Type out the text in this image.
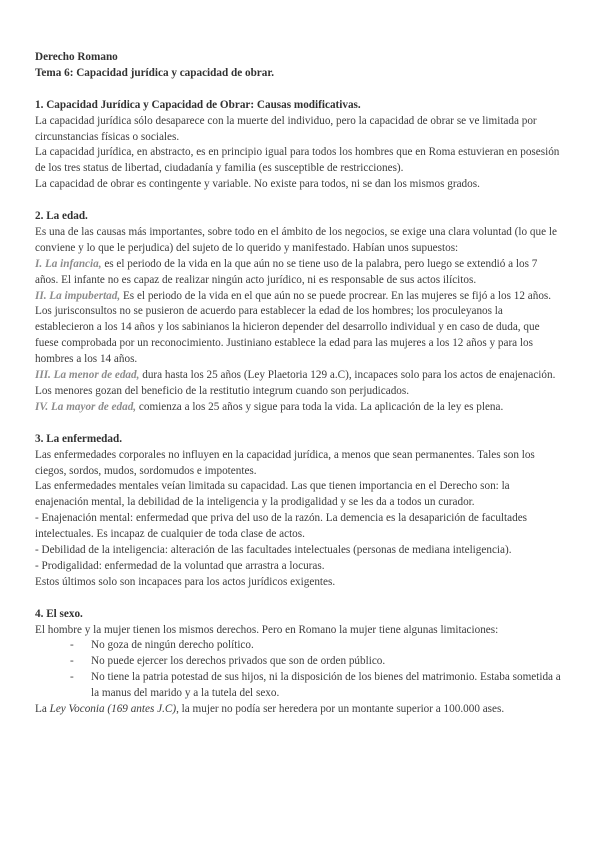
Derecho Romano

Tema 6: Capacidad jurídica y capacidad de obrar.

1. Capacidad Jurídica y Capacidad de Obrar: Causas modificativas.

La capacidad jurídica sólo desaparece con la muerte del individuo, pero la capacidad de obrar se ve limitada por circunstancias físicas o sociales.

La capacidad jurídica, en abstracto, es en principio igual para todos los hombres que en Roma estuvieran en posesión de los tres status de libertad, ciudadanía y familia (es susceptible de restricciones).

La capacidad de obrar es contingente y variable. No existe para todos, ni se dan los mismos grados.

2. La edad.

Es una de las causas más importantes, sobre todo en el ámbito de los negocios, se exige una clara voluntad (lo que le conviene y lo que le perjudica) del sujeto de lo querido y manifestado. Habían unos supuestos:

I. La infancia, es el periodo de la vida en la que aún no se tiene uso de la palabra, pero luego se extendió a los 7 años. El infante no es capaz de realizar ningún acto jurídico, ni es responsable de sus actos ilícitos.

II. La impubertad, Es el periodo de la vida en el que aún no se puede procrear. En las mujeres se fijó a los 12 años. Los jurisconsultos no se pusieron de acuerdo para establecer la edad de los hombres; los proculeyanos la establecieron a los 14 años y los sabinianos la hicieron depender del desarrollo individual y en caso de duda, que fuese comprobada por un reconocimiento. Justiniano establece la edad para las mujeres a los 12 años y para los hombres a los 14 años.

III. La menor de edad, dura hasta los 25 años (Ley Plaetoria 129 a.C), incapaces solo para los actos de enajenación. Los menores gozan del beneficio de la restitutio integrum cuando son perjudicados.

IV. La mayor de edad, comienza a los 25 años y sigue para toda la vida. La aplicación de la ley es plena.

3. La enfermedad.

Las enfermedades corporales no influyen en la capacidad jurídica, a menos que sean permanentes. Tales son los ciegos, sordos, mudos, sordomudos e impotentes.

Las enfermedades mentales veían limitada su capacidad. Las que tienen importancia en el Derecho son: la enajenación mental, la debilidad de la inteligencia y la prodigalidad y se les da a todos un curador.

- Enajenación mental: enfermedad que priva del uso de la razón. La demencia es la desaparición de facultades intelectuales. Es incapaz de cualquier de toda clase de actos.

- Debilidad de la inteligencia: alteración de las facultades intelectuales (personas de mediana inteligencia).

- Prodigalidad: enfermedad de la voluntad que arrastra a locuras.

Estos últimos solo son incapaces para los actos jurídicos exigentes.

4. El sexo.

El hombre y la mujer tienen los mismos derechos. Pero en Romano la mujer tiene algunas limitaciones:

- No goza de ningún derecho político.
- No puede ejercer los derechos privados que son de orden público.
- No tiene la patria potestad de sus hijos, ni la disposición de los bienes del matrimonio. Estaba sometida a la manus del marido y a la tutela del sexo.

La Ley Voconia (169 antes J.C), la mujer no podía ser heredera por un montante superior a 100.000 ases.
